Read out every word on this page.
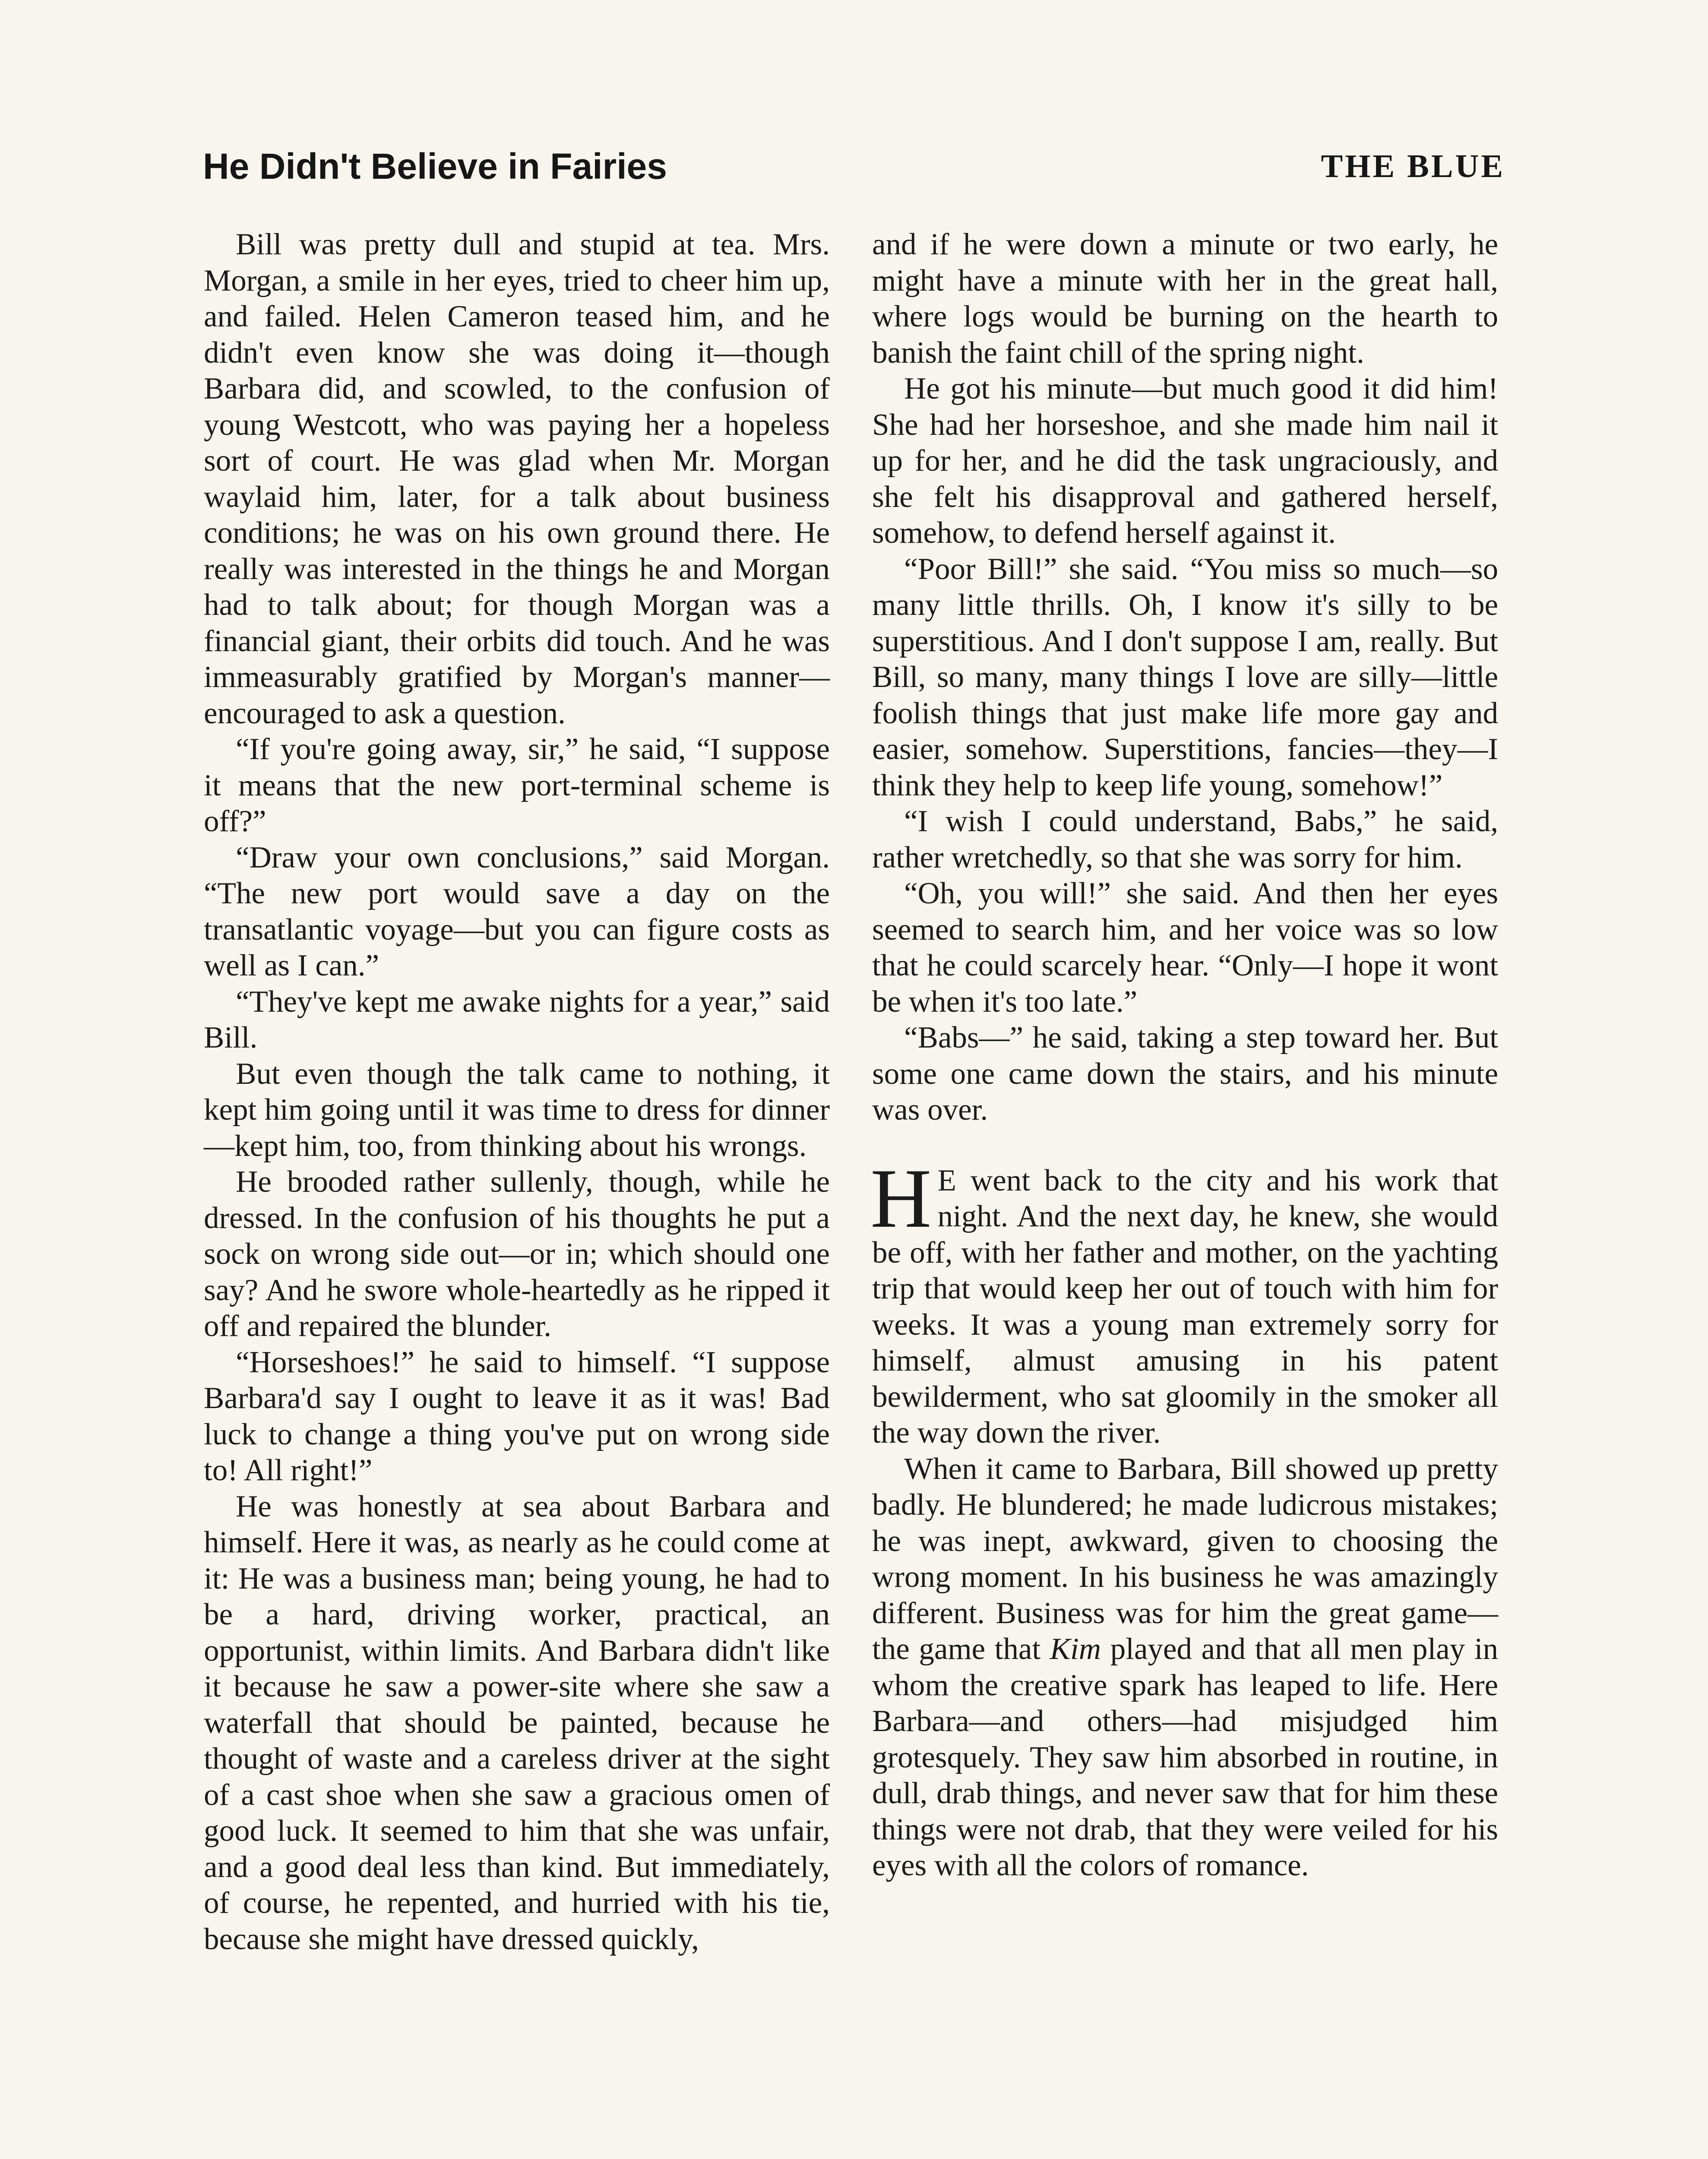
He Didn't Believe in Fairies	THE BLUE

Bill was pretty dull and stupid at tea. Mrs. Morgan, a smile in her eyes, tried to cheer him up, and failed. Helen Cameron teased him, and he didn't even know she was doing it—though Barbara did, and scowled, to the confusion of young Westcott, who was paying her a hopeless sort of court. He was glad when Mr. Morgan waylaid him, later, for a talk about business conditions; he was on his own ground there. He really was interested in the things he and Morgan had to talk about; for though Morgan was a financial giant, their orbits did touch. And he was immeasurably gratified by Morgan's manner—encouraged to ask a question.

“If you're going away, sir,” he said, “I suppose it means that the new port-terminal scheme is off?”

“Draw your own conclusions,” said Morgan. “The new port would save a day on the transatlantic voyage—but you can figure costs as well as I can.”

“They've kept me awake nights for a year,” said Bill.

But even though the talk came to nothing, it kept him going until it was time to dress for dinner—kept him, too, from thinking about his wrongs.

He brooded rather sullenly, though, while he dressed. In the confusion of his thoughts he put a sock on wrong side out—or in; which should one say? And he swore whole-heartedly as he ripped it off and repaired the blunder.

“Horseshoes!” he said to himself. “I suppose Barbara'd say I ought to leave it as it was! Bad luck to change a thing you've put on wrong side to! All right!”

He was honestly at sea about Barbara and himself. Here it was, as nearly as he could come at it: He was a business man; being young, he had to be a hard, driving worker, practical, an opportunist, within limits. And Barbara didn't like it because he saw a power-site where she saw a waterfall that should be painted, because he thought of waste and a careless driver at the sight of a cast shoe when she saw a gracious omen of good luck. It seemed to him that she was unfair, and a good deal less than kind. But immediately, of course, he repented, and hurried with his tie, because she might have dressed quickly,

and if he were down a minute or two early, he might have a minute with her in the great hall, where logs would be burning on the hearth to banish the faint chill of the spring night.

He got his minute—but much good it did him! She had her horseshoe, and she made him nail it up for her, and he did the task ungraciously, and she felt his disapproval and gathered herself, somehow, to defend herself against it.

“Poor Bill!” she said. “You miss so much—so many little thrills. Oh, I know it's silly to be superstitious. And I don't suppose I am, really. But Bill, so many, many things I love are silly—little foolish things that just make life more gay and easier, somehow. Superstitions, fancies—they—I think they help to keep life young, somehow!”

“I wish I could understand, Babs,” he said, rather wretchedly, so that she was sorry for him.

“Oh, you will!” she said. And then her eyes seemed to search him, and her voice was so low that he could scarcely hear. “Only—I hope it wont be when it's too late.”

“Babs—” he said, taking a step toward her. But some one came down the stairs, and his minute was over.

H E went back to the city and his work that night. And the next day, he knew, she would be off, with her father and mother, on the yachting trip that would keep her out of touch with him for weeks. It was a young man extremely sorry for himself, almust amusing in his patent bewilderment, who sat gloomily in the smoker all the way down the river.

When it came to Barbara, Bill showed up pretty badly. He blundered; he made ludicrous mistakes; he was inept, awkward, given to choosing the wrong moment. In his business he was amazingly different. Business was for him the great game—the game that Kim played and that all men play in whom the creative spark has leaped to life. Here Barbara—and others—had misjudged him grotesquely. They saw him absorbed in routine, in dull, drab things, and never saw that for him these things were not drab, that they were veiled for his eyes with all the colors of romance.
